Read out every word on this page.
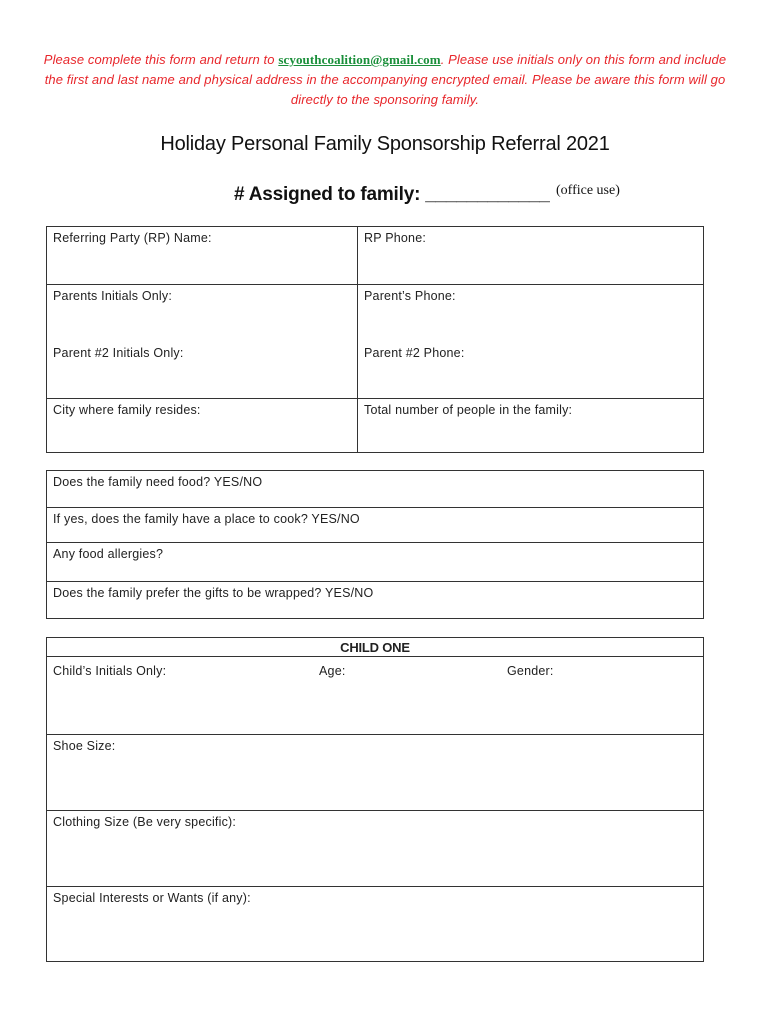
Please complete this form and return to scyouthcoalition@gmail.com. Please use initials only on this form and include the first and last name and physical address in the accompanying encrypted email. Please be aware this form will go directly to the sponsoring family.
Holiday Personal Family Sponsorship Referral 2021
# Assigned to family: ____________ (office use)
Referring Party (RP) Name:	RP Phone:

Parents Initials Only:	Parent’s Phone:

Parent #2 Initials Only:	Parent #2 Phone:

City where family resides:	Total number of people in the family:
Does the family need food? YES/NO

If yes, does the family have a place to cook? YES/NO

Any food allergies?

Does the family prefer the gifts to be wrapped? YES/NO
CHILD ONE
Child’s Initials Only:	Age:	Gender:

Shoe Size:

Clothing Size (Be very specific):

Special Interests or Wants (if any):
